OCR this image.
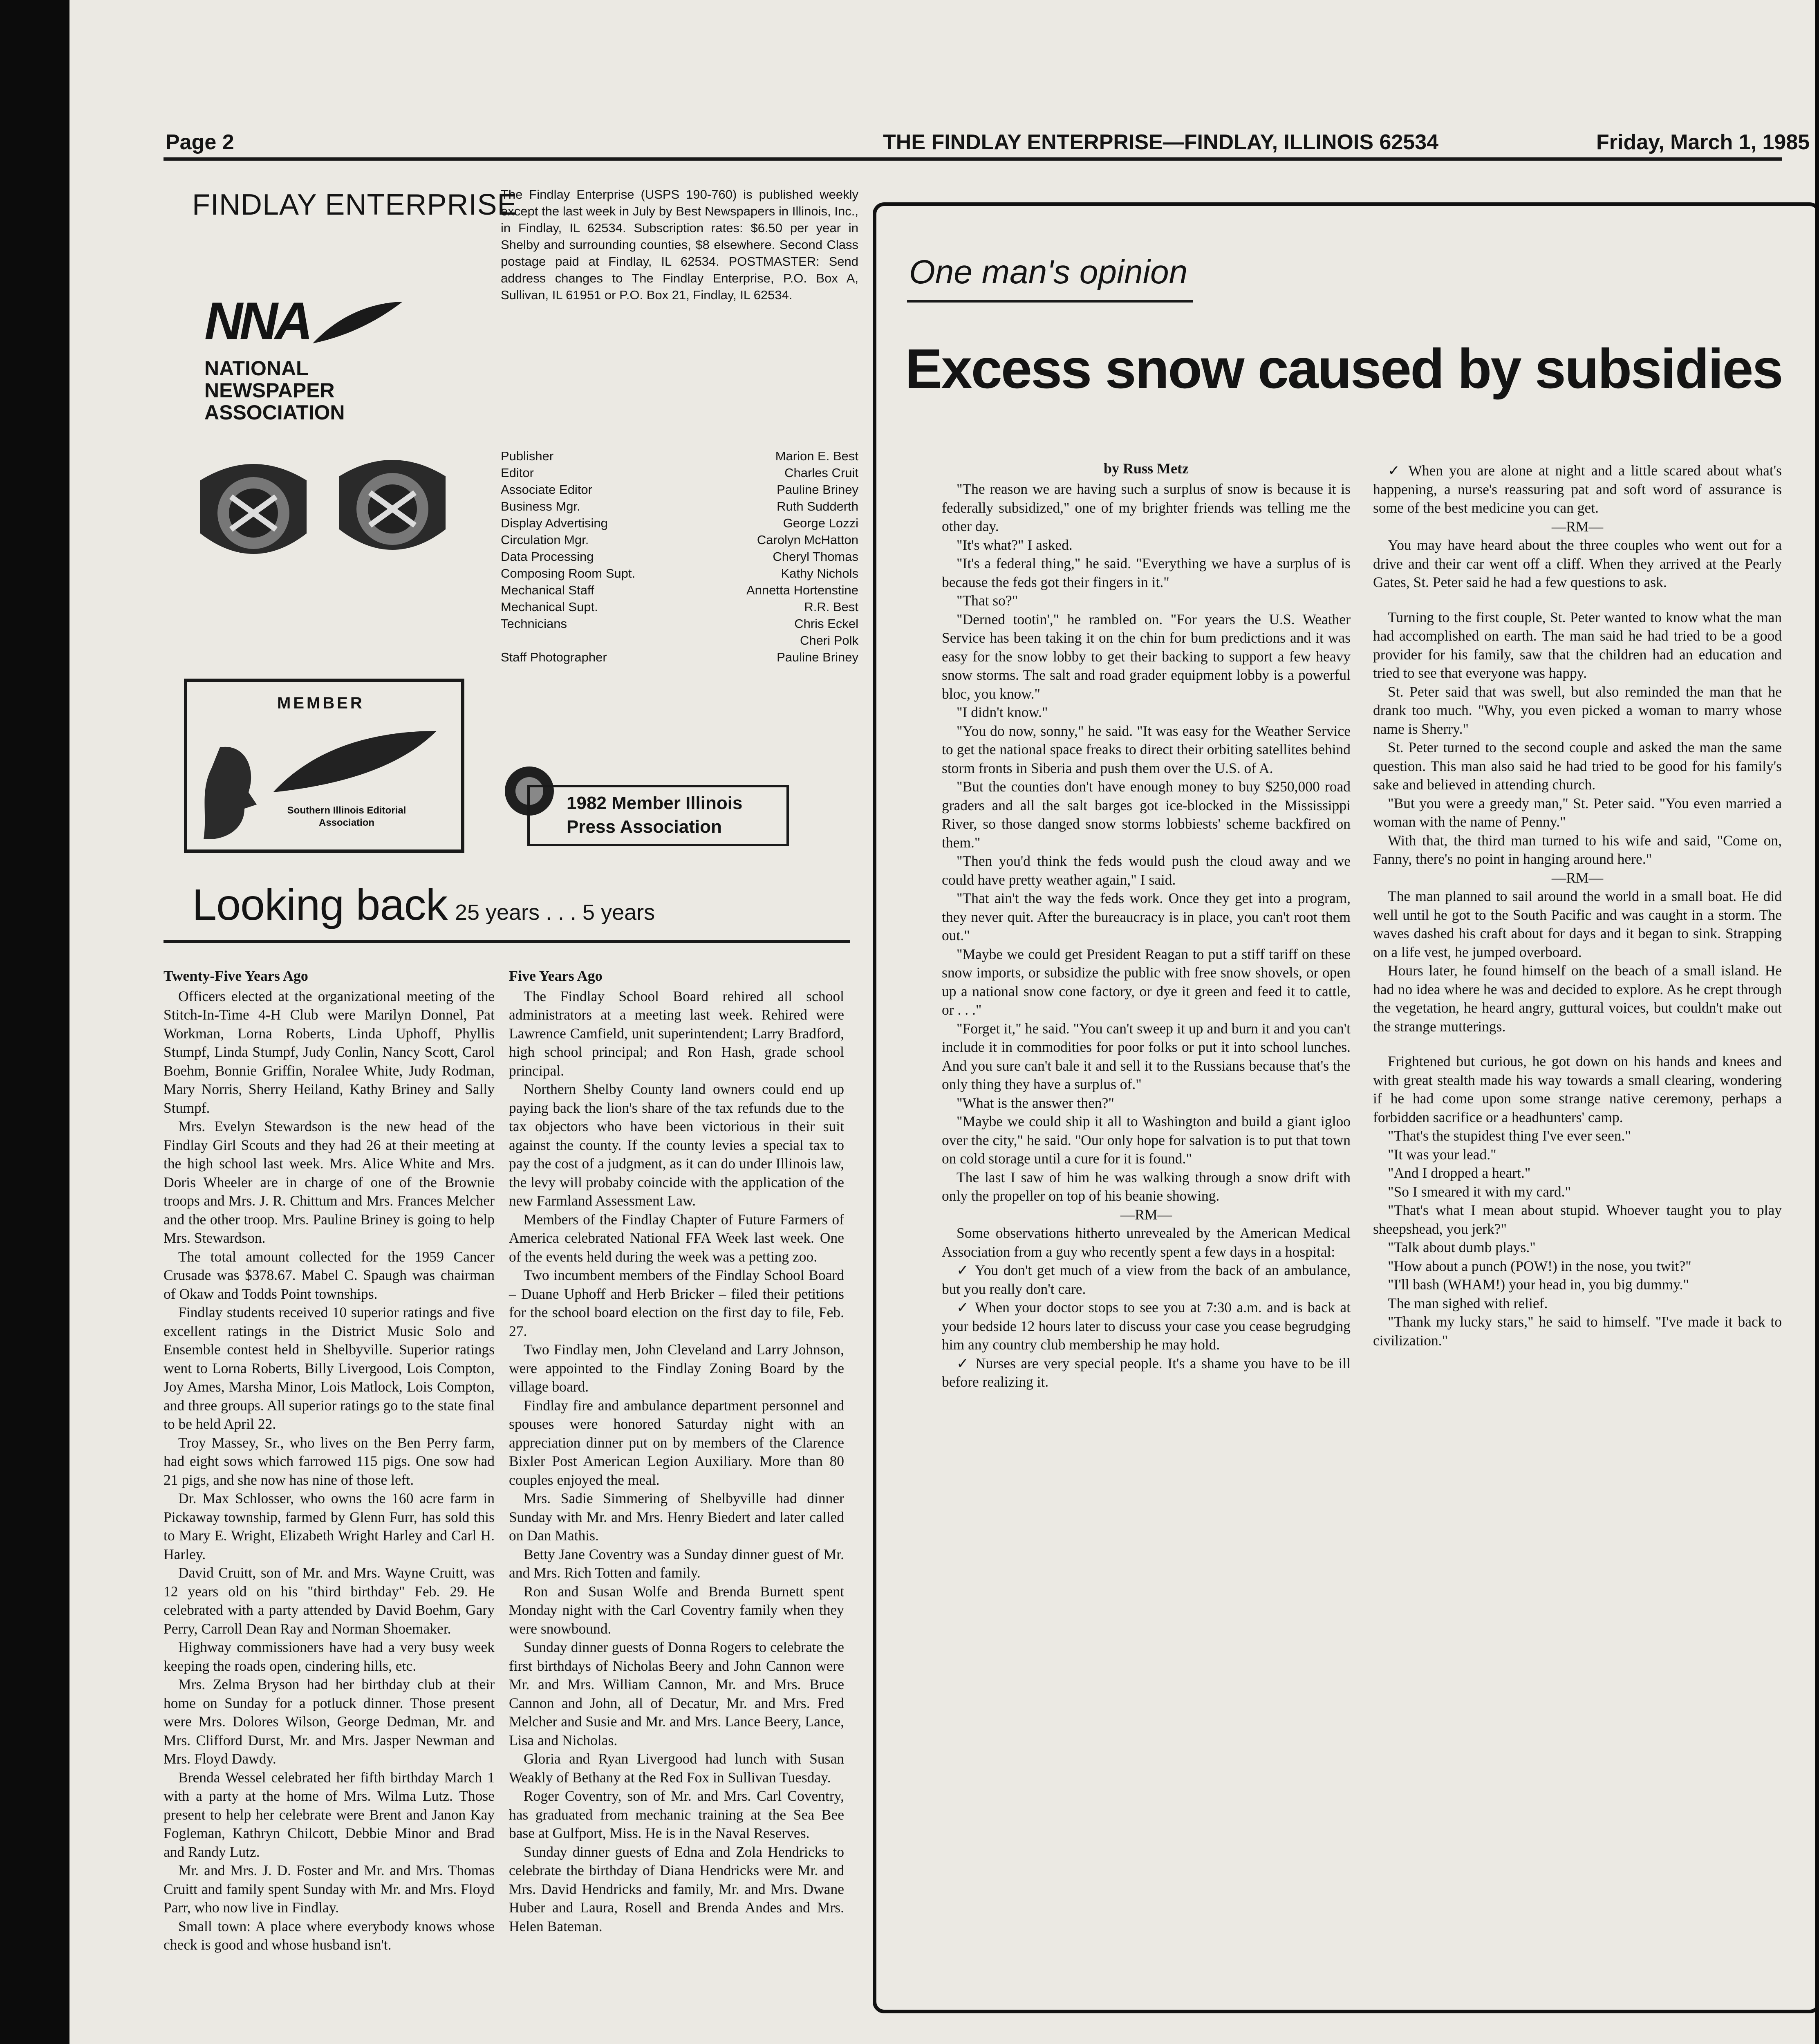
Page 2	THE FINDLAY ENTERPRISE—FINDLAY, ILLINOIS 62534	Friday, March 1, 1985
FINDLAY ENTERPRISE
NNA
NATIONAL NEWSPAPER ASSOCIATION
MEMBER
Southern Illinois Editorial Association
The Findlay Enterprise (USPS 190-760) is published weekly except the last week in July by Best Newspapers in Illinois, Inc., in Findlay, IL 62534. Subscription rates: $6.50 per year in Shelby and surrounding counties, $8 elsewhere. Second Class postage paid at Findlay, IL 62534. POSTMASTER: Send address changes to The Findlay Enterprise, P.O. Box A, Sullivan, IL 61951 or P.O. Box 21, Findlay, IL 62534.
Publisher	Marion E. Best
Editor	Charles Cruit
Associate Editor	Pauline Briney
Business Mgr.	Ruth Sudderth
Display Advertising	George Lozzi
Circulation Mgr.	Carolyn McHatton
Data Processing	Cheryl Thomas
Composing Room Supt.	Kathy Nichols
Mechanical Staff	Annetta Hortenstine
Mechanical Supt.	R.R. Best
Technicians	Chris Eckel
Cheri Polk
Staff Photographer	Pauline Briney
1982 Member Illinois Press Association
Looking back 25 years . . . 5 years
Twenty-Five Years Ago

Officers elected at the organizational meeting of the Stitch-In-Time 4-H Club were Marilyn Donnel, Pat Workman, Lorna Roberts, Linda Uphoff, Phyllis Stumpf, Linda Stumpf, Judy Conlin, Nancy Scott, Carol Boehm, Bonnie Griffin, Noralee White, Judy Rodman, Mary Norris, Sherry Heiland, Kathy Briney and Sally Stumpf.

Mrs. Evelyn Stewardson is the new head of the Findlay Girl Scouts and they had 26 at their meeting at the high school last week. Mrs. Alice White and Mrs. Doris Wheeler are in charge of one of the Brownie troops and Mrs. J. R. Chittum and Mrs. Frances Melcher and the other troop. Mrs. Pauline Briney is going to help Mrs. Stewardson.

The total amount collected for the 1959 Cancer Crusade was $378.67. Mabel C. Spaugh was chairman of Okaw and Todds Point townships.

Findlay students received 10 superior ratings and five excellent ratings in the District Music Solo and Ensemble contest held in Shelbyville. Superior ratings went to Lorna Roberts, Billy Livergood, Lois Compton, Joy Ames, Marsha Minor, Lois Matlock, Lois Compton, and three groups. All superior ratings go to the state final to be held April 22.

Troy Massey, Sr., who lives on the Ben Perry farm, had eight sows which farrowed 115 pigs. One sow had 21 pigs, and she now has nine of those left.

Dr. Max Schlosser, who owns the 160 acre farm in Pickaway township, farmed by Glenn Furr, has sold this to Mary E. Wright, Elizabeth Wright Harley and Carl H. Harley.

David Cruitt, son of Mr. and Mrs. Wayne Cruitt, was 12 years old on his "third birthday" Feb. 29. He celebrated with a party attended by David Boehm, Gary Perry, Carroll Dean Ray and Norman Shoemaker.

Highway commissioners have had a very busy week keeping the roads open, cindering hills, etc.

Mrs. Zelma Bryson had her birthday club at their home on Sunday for a potluck dinner. Those present were Mrs. Dolores Wilson, George Dedman, Mr. and Mrs. Clifford Durst, Mr. and Mrs. Jasper Newman and Mrs. Floyd Dawdy.

Brenda Wessel celebrated her fifth birthday March 1 with a party at the home of Mrs. Wilma Lutz. Those present to help her celebrate were Brent and Janon Kay Fogleman, Kathryn Chilcott, Debbie Minor and Brad and Randy Lutz.

Mr. and Mrs. J. D. Foster and Mr. and Mrs. Thomas Cruitt and family spent Sunday with Mr. and Mrs. Floyd Parr, who now live in Findlay.

Small town: A place where everybody knows whose check is good and whose husband isn't.

Five Years Ago

The Findlay School Board rehired all school administrators at a meeting last week. Rehired were Lawrence Camfield, unit superintendent; Larry Bradford, high school principal; and Ron Hash, grade school principal.

Northern Shelby County land owners could end up paying back the lion's share of the tax refunds due to the tax objectors who have been victorious in their suit against the county. If the county levies a special tax to pay the cost of a judgment, as it can do under Illinois law, the levy will probaby coincide with the application of the new Farmland Assessment Law.

Members of the Findlay Chapter of Future Farmers of America celebrated National FFA Week last week. One of the events held during the week was a petting zoo.

Two incumbent members of the Findlay School Board – Duane Uphoff and Herb Bricker – filed their petitions for the school board election on the first day to file, Feb. 27.

Two Findlay men, John Cleveland and Larry Johnson, were appointed to the Findlay Zoning Board by the village board.

Findlay fire and ambulance department personnel and spouses were honored Saturday night with an appreciation dinner put on by members of the Clarence Bixler Post American Legion Auxiliary. More than 80 couples enjoyed the meal.

Mrs. Sadie Simmering of Shelbyville had dinner Sunday with Mr. and Mrs. Henry Biedert and later called on Dan Mathis.

Betty Jane Coventry was a Sunday dinner guest of Mr. and Mrs. Rich Totten and family.

Ron and Susan Wolfe and Brenda Burnett spent Monday night with the Carl Coventry family when they were snowbound.

Sunday dinner guests of Donna Rogers to celebrate the first birthdays of Nicholas Beery and John Cannon were Mr. and Mrs. William Cannon, Mr. and Mrs. Bruce Cannon and John, all of Decatur, Mr. and Mrs. Fred Melcher and Susie and Mr. and Mrs. Lance Beery, Lance, Lisa and Nicholas.

Gloria and Ryan Livergood had lunch with Susan Weakly of Bethany at the Red Fox in Sullivan Tuesday.

Roger Coventry, son of Mr. and Mrs. Carl Coventry, has graduated from mechanic training at the Sea Bee base at Gulfport, Miss. He is in the Naval Reserves.

Sunday dinner guests of Edna and Zola Hendricks to celebrate the birthday of Diana Hendricks were Mr. and Mrs. David Hendricks and family, Mr. and Mrs. Dwane Huber and Laura, Rosell and Brenda Andes and Mrs. Helen Bateman.

One man's opinion
Excess snow caused by subsidies
by Russ Metz

"The reason we are having such a surplus of snow is because it is federally subsidized," one of my brighter friends was telling me the other day.

"It's what?" I asked.

"It's a federal thing," he said. "Everything we have a surplus of is because the feds got their fingers in it."

"That so?"

"Derned tootin'," he rambled on. "For years the U.S. Weather Service has been taking it on the chin for bum predictions and it was easy for the snow lobby to get their backing to support a few heavy snow storms. The salt and road grader equipment lobby is a powerful bloc, you know."

"I didn't know."

"You do now, sonny," he said. "It was easy for the Weather Service to get the national space freaks to direct their orbiting satellites behind storm fronts in Siberia and push them over the U.S. of A.

"But the counties don't have enough money to buy $250,000 road graders and all the salt barges got ice-blocked in the Mississippi River, so those danged snow storms lobbiests' scheme backfired on them."

"Then you'd think the feds would push the cloud away and we could have pretty weather again," I said.

"That ain't the way the feds work. Once they get into a program, they never quit. After the bureaucracy is in place, you can't root them out."

"Maybe we could get President Reagan to put a stiff tariff on these snow imports, or subsidize the public with free snow shovels, or open up a national snow cone factory, or dye it green and feed it to cattle, or . . ."

"Forget it," he said. "You can't sweep it up and burn it and you can't include it in commodities for poor folks or put it into school lunches. And you sure can't bale it and sell it to the Russians because that's the only thing they have a surplus of."

"What is the answer then?"

"Maybe we could ship it all to Washington and build a giant igloo over the city," he said. "Our only hope for salvation is to put that town on cold storage until a cure for it is found."

The last I saw of him he was walking through a snow drift with only the propeller on top of his beanie showing.

—RM—

Some observations hitherto unrevealed by the American Medical Association from a guy who recently spent a few days in a hospital:

✓ You don't get much of a view from the back of an ambulance, but you really don't care.

✓ When your doctor stops to see you at 7:30 a.m. and is back at your bedside 12 hours later to discuss your case you cease begrudging him any country club membership he may hold.

✓ Nurses are very special people. It's a shame you have to be ill before realizing it.

✓ When you are alone at night and a little scared about what's happening, a nurse's reassuring pat and soft word of assurance is some of the best medicine you can get.

—RM—

You may have heard about the three couples who went out for a drive and their car went off a cliff. When they arrived at the Pearly Gates, St. Peter said he had a few questions to ask.

Turning to the first couple, St. Peter wanted to know what the man had accomplished on earth. The man said he had tried to be a good provider for his family, saw that the children had an education and tried to see that everyone was happy.

St. Peter said that was swell, but also reminded the man that he drank too much. "Why, you even picked a woman to marry whose name is Sherry."

St. Peter turned to the second couple and asked the man the same question. This man also said he had tried to be good for his family's sake and believed in attending church.

"But you were a greedy man," St. Peter said. "You even married a woman with the name of Penny."

With that, the third man turned to his wife and said, "Come on, Fanny, there's no point in hanging around here."

—RM—

The man planned to sail around the world in a small boat. He did well until he got to the South Pacific and was caught in a storm. The waves dashed his craft about for days and it began to sink. Strapping on a life vest, he jumped overboard.

Hours later, he found himself on the beach of a small island. He had no idea where he was and decided to explore. As he crept through the vegetation, he heard angry, guttural voices, but couldn't make out the strange mutterings.

Frightened but curious, he got down on his hands and knees and with great stealth made his way towards a small clearing, wondering if he had come upon some strange native ceremony, perhaps a forbidden sacrifice or a headhunters' camp.

"That's the stupidest thing I've ever seen."

"It was your lead."

"And I dropped a heart."

"So I smeared it with my card."

"That's what I mean about stupid. Whoever taught you to play sheepshead, you jerk?"

"Talk about dumb plays."

"How about a punch (POW!) in the nose, you twit?"

"I'll bash (WHAM!) your head in, you big dummy."

The man sighed with relief.

"Thank my lucky stars," he said to himself. "I've made it back to civilization."
